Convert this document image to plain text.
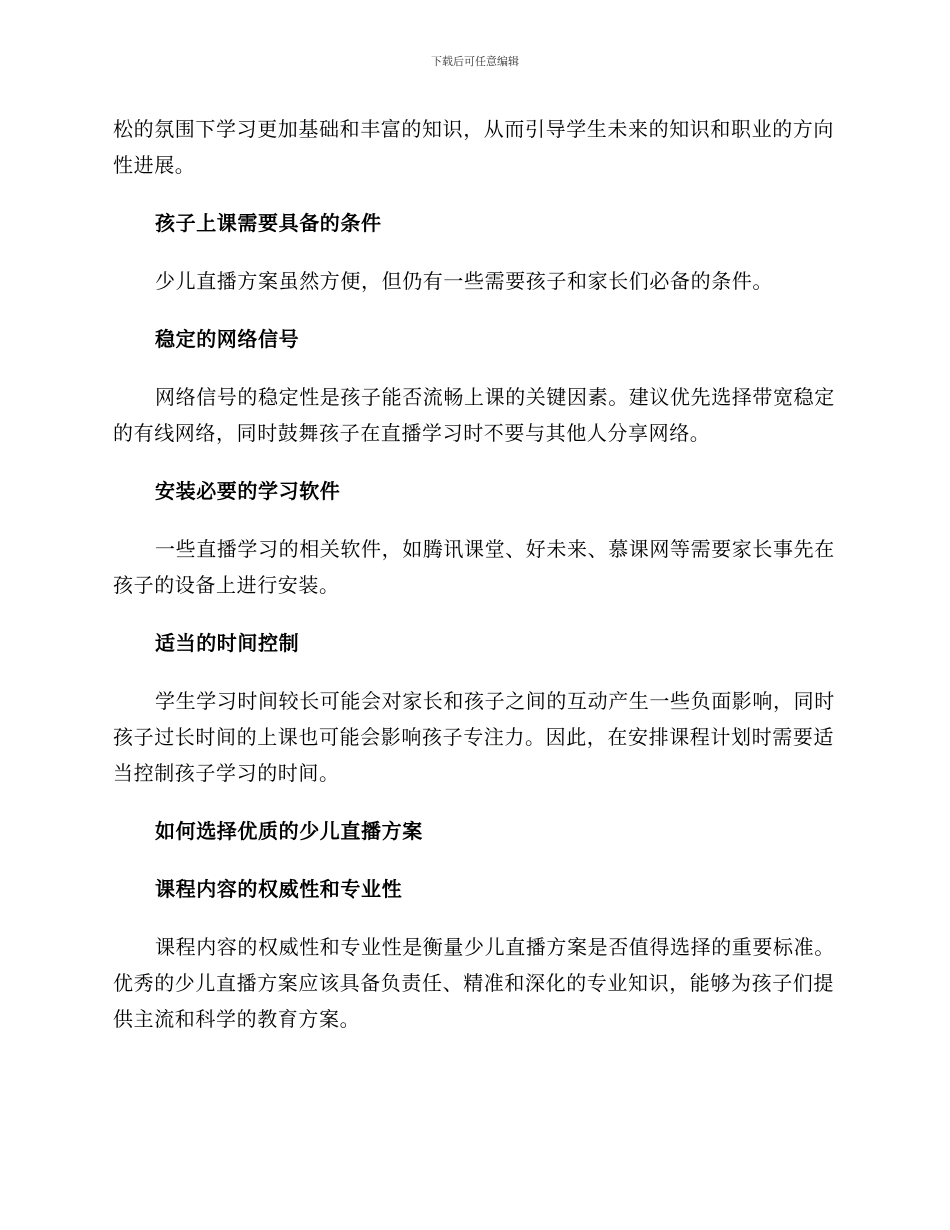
下载后可任意编辑

松的氛围下学习更加基础和丰富的知识，从而引导学生未来的知识和职业的方向性进展。

孩子上课需要具备的条件

少儿直播方案虽然方便，但仍有一些需要孩子和家长们必备的条件。

稳定的网络信号

网络信号的稳定性是孩子能否流畅上课的关键因素。建议优先选择带宽稳定的有线网络，同时鼓舞孩子在直播学习时不要与其他人分享网络。

安装必要的学习软件

一些直播学习的相关软件，如腾讯课堂、好未来、慕课网等需要家长事先在孩子的设备上进行安装。

适当的时间控制

学生学习时间较长可能会对家长和孩子之间的互动产生一些负面影响，同时孩子过长时间的上课也可能会影响孩子专注力。因此，在安排课程计划时需要适当控制孩子学习的时间。

如何选择优质的少儿直播方案
课程内容的权威性和专业性

课程内容的权威性和专业性是衡量少儿直播方案是否值得选择的重要标准。优秀的少儿直播方案应该具备负责任、精准和深化的专业知识，能够为孩子们提供主流和科学的教育方案。
